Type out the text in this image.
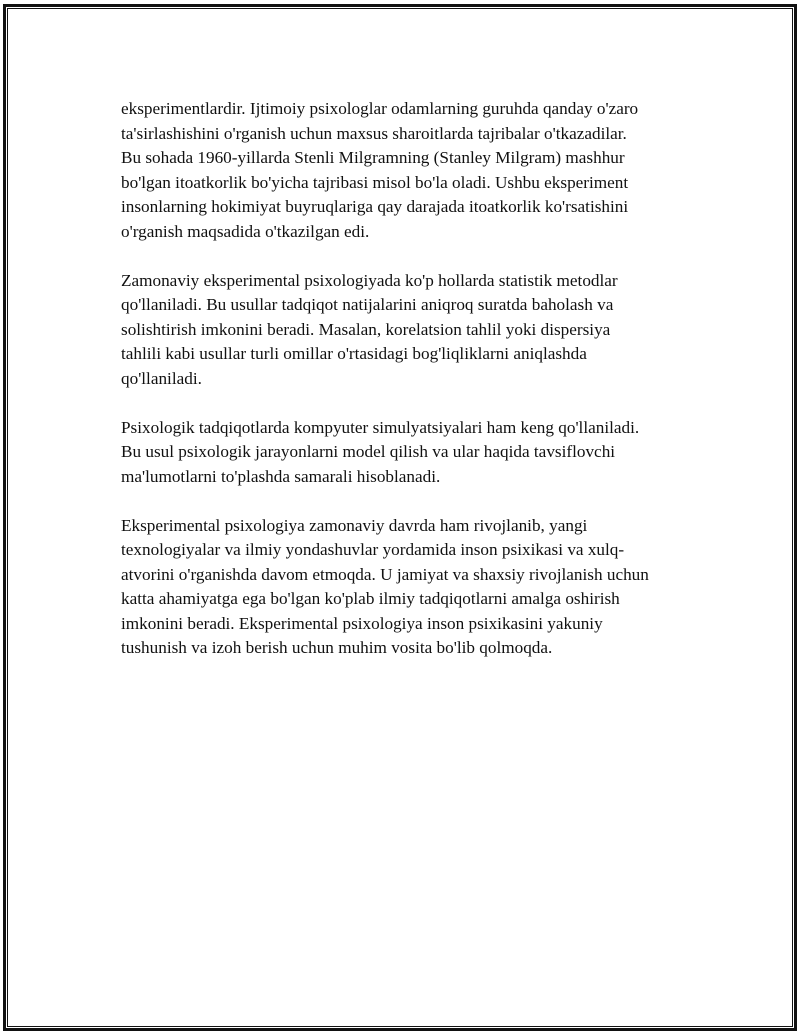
eksperimentlardir. Ijtimoiy psixologlar odamlarning guruhda qanday o'zaro
ta'sirlashishini o'rganish uchun maxsus sharoitlarda tajribalar o'tkazadilar.
Bu sohada 1960-yillarda Stenli Milgramning (Stanley Milgram) mashhur
bo'lgan itoatkorlik bo'yicha tajribasi misol bo'la oladi. Ushbu eksperiment
insonlarning hokimiyat buyruqlariga qay darajada itoatkorlik ko'rsatishini
o'rganish maqsadida o'tkazilgan edi.

Zamonaviy eksperimental psixologiyada ko'p hollarda statistik metodlar
qo'llaniladi. Bu usullar tadqiqot natijalarini aniqroq suratda baholash va
solishtirish imkonini beradi. Masalan, korelatsion tahlil yoki dispersiya
tahlili kabi usullar turli omillar o'rtasidagi bog'liqliklarni aniqlashda
qo'llaniladi.

Psixologik tadqiqotlarda kompyuter simulyatsiyalari ham keng qo'llaniladi.
Bu usul psixologik jarayonlarni model qilish va ular haqida tavsiflovchi
ma'lumotlarni to'plashda samarali hisoblanadi.

Eksperimental psixologiya zamonaviy davrda ham rivojlanib, yangi
texnologiyalar va ilmiy yondashuvlar yordamida inson psixikasi va xulq-
atvorini o'rganishda davom etmoqda. U jamiyat va shaxsiy rivojlanish uchun
katta ahamiyatga ega bo'lgan ko'plab ilmiy tadqiqotlarni amalga oshirish
imkonini beradi. Eksperimental psixologiya inson psixikasini yakuniy
tushunish va izoh berish uchun muhim vosita bo'lib qolmoqda.
